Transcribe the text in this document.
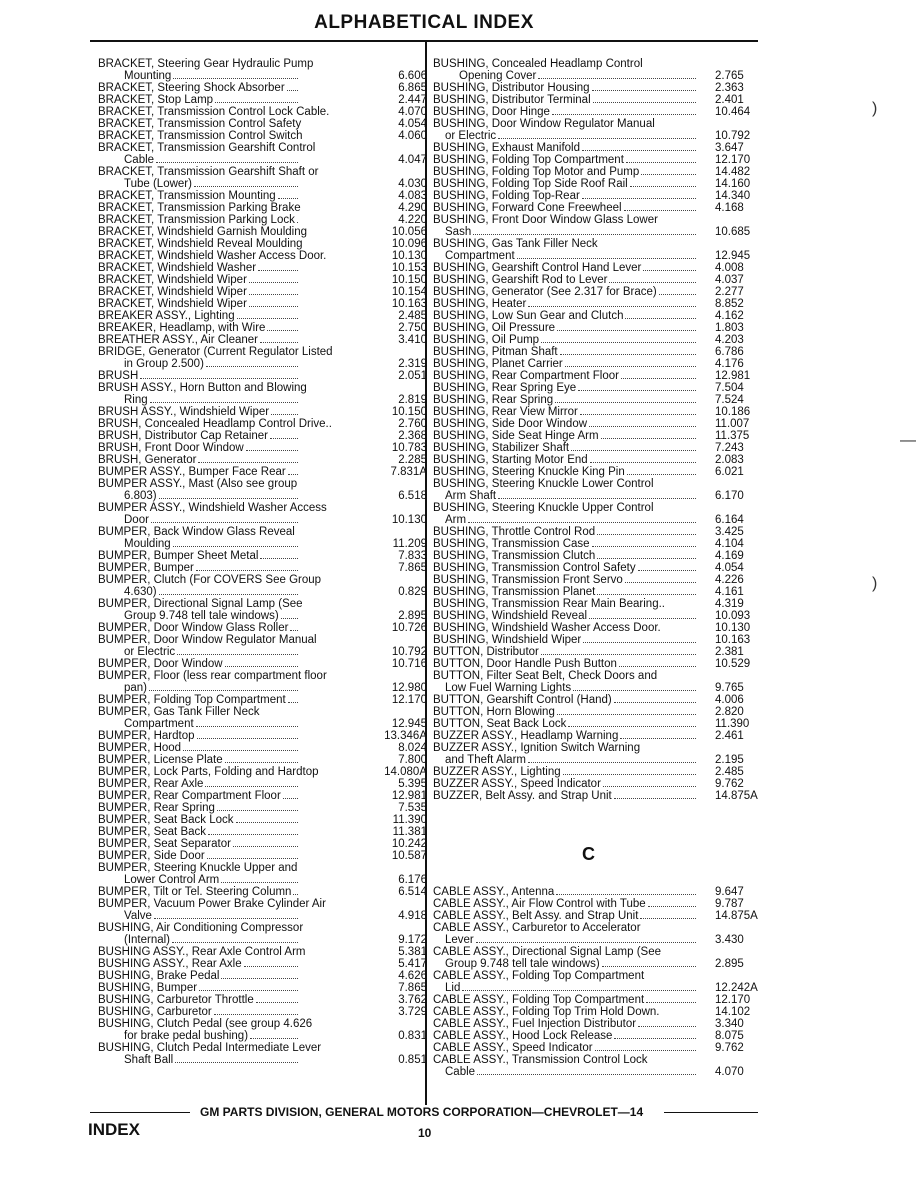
ALPHABETICAL INDEX
BRACKET, Steering Gear Hydraulic Pump
Mounting	6.606
BRACKET, Steering Shock Absorber	6.865
BRACKET, Stop Lamp	2.447
BRACKET, Transmission Control Lock Cable.	4.070
BRACKET, Transmission Control Safety	4.054
BRACKET, Transmission Control Switch	4.060
BRACKET, Transmission Gearshift Control
Cable	4.047
BRACKET, Transmission Gearshift Shaft or
Tube (Lower)	4.030
BRACKET, Transmission Mounting	4.083
BRACKET, Transmission Parking Brake	4.290
BRACKET, Transmission Parking Lock	4.220
BRACKET, Windshield Garnish Moulding	10.056
BRACKET, Windshield Reveal Moulding	10.096
BRACKET, Windshield Washer Access Door.	10.130
BRACKET, Windshield Washer	10.153
BRACKET, Windshield Wiper	10.150
BRACKET, Windshield Wiper	10.154
BRACKET, Windshield Wiper	10.163
BREAKER ASSY., Lighting	2.485
BREAKER, Headlamp, with Wire	2.750
BREATHER ASSY., Air Cleaner	3.410
BRIDGE, Generator (Current Regulator Listed
in Group 2.500)	2.319
BRUSH	2.051
BRUSH ASSY., Horn Button and Blowing
Ring	2.819
BRUSH ASSY., Windshield Wiper	10.150
BRUSH, Concealed Headlamp Control Drive..	2.760
BRUSH, Distributor Cap Retainer	2.368
BRUSH, Front Door Window	10.783
BRUSH, Generator	2.285
BUMPER ASSY., Bumper Face Rear	7.831A
BUMPER ASSY., Mast (Also see group
6.803)	6.518
BUMPER ASSY., Windshield Washer Access
Door	10.130
BUMPER, Back Window Glass Reveal
Moulding	11.209
BUMPER, Bumper Sheet Metal	7.833
BUMPER, Bumper	7.865
BUMPER, Clutch (For COVERS See Group
4.630)	0.829
BUMPER, Directional Signal Lamp (See
Group 9.748 tell tale windows)	2.895
BUMPER, Door Window Glass Roller	10.726
BUMPER, Door Window Regulator Manual
or Electric	10.792
BUMPER, Door Window	10.716
BUMPER, Floor (less rear compartment floor
pan)	12.980
BUMPER, Folding Top Compartment	12.170
BUMPER, Gas Tank Filler Neck
Compartment	12.945
BUMPER, Hardtop	13.346A
BUMPER, Hood	8.024
BUMPER, License Plate	7.800
BUMPER, Lock Parts, Folding and Hardtop	14.080A
BUMPER, Rear Axle	5.395
BUMPER, Rear Compartment Floor	12.981
BUMPER, Rear Spring	7.535
BUMPER, Seat Back Lock	11.390
BUMPER, Seat Back	11.381
BUMPER, Seat Separator	10.242
BUMPER, Side Door	10.587
BUMPER, Steering Knuckle Upper and
Lower Control Arm	6.176
BUMPER, Tilt or Tel. Steering Column	6.514
BUMPER, Vacuum Power Brake Cylinder Air
Valve	4.918
BUSHING, Air Conditioning Compressor
(Internal)	9.172
BUSHING ASSY., Rear Axle Control Arm	5.381
BUSHING ASSY., Rear Axle	5.417
BUSHING, Brake Pedal	4.626
BUSHING, Bumper	7.865
BUSHING, Carburetor Throttle	3.762
BUSHING, Carburetor	3.729
BUSHING, Clutch Pedal (see group 4.626
for brake pedal bushing)	0.831
BUSHING, Clutch Pedal Intermediate Lever
Shaft Ball	0.851
BUSHING, Concealed Headlamp Control
Opening Cover	2.765
BUSHING, Distributor Housing	2.363
BUSHING, Distributor Terminal	2.401
BUSHING, Door Hinge	10.464
BUSHING, Door Window Regulator Manual
or Electric	10.792
BUSHING, Exhaust Manifold	3.647
BUSHING, Folding Top Compartment	12.170
BUSHING, Folding Top Motor and Pump	14.482
BUSHING, Folding Top Side Roof Rail	14.160
BUSHING, Folding Top-Rear	14.340
BUSHING, Forward Cone Freewheel	4.168
BUSHING, Front Door Window Glass Lower
Sash	10.685
BUSHING, Gas Tank Filler Neck
Compartment	12.945
BUSHING, Gearshift Control Hand Lever	4.008
BUSHING, Gearshift Rod to Lever	4.037
BUSHING, Generator (See 2.317 for Brace)	2.277
BUSHING, Heater	8.852
BUSHING, Low Sun Gear and Clutch	4.162
BUSHING, Oil Pressure	1.803
BUSHING, Oil Pump	4.203
BUSHING, Pitman Shaft	6.786
BUSHING, Planet Carrier	4.176
BUSHING, Rear Compartment Floor	12.981
BUSHING, Rear Spring Eye	7.504
BUSHING, Rear Spring	7.524
BUSHING, Rear View Mirror	10.186
BUSHING, Side Door Window	11.007
BUSHING, Side Seat Hinge Arm	11.375
BUSHING, Stabilizer Shaft	7.243
BUSHING, Starting Motor End	2.083
BUSHING, Steering Knuckle King Pin	6.021
BUSHING, Steering Knuckle Lower Control
Arm Shaft	6.170
BUSHING, Steering Knuckle Upper Control
Arm	6.164
BUSHING, Throttle Control Rod	3.425
BUSHING, Transmission Case	4.104
BUSHING, Transmission Clutch	4.169
BUSHING, Transmission Control Safety	4.054
BUSHING, Transmission Front Servo	4.226
BUSHING, Transmission Planet	4.161
BUSHING, Transmission Rear Main Bearing..	4.319
BUSHING, Windshield Reveal	10.093
BUSHING, Windshield Washer Access Door.	10.130
BUSHING, Windshield Wiper	10.163
BUTTON, Distributor	2.381
BUTTON, Door Handle Push Button	10.529
BUTTON, Filter Seat Belt, Check Doors and
Low Fuel Warning Lights	9.765
BUTTON, Gearshift Control (Hand)	4.006
BUTTON, Horn Blowing	2.820
BUTTON, Seat Back Lock	11.390
BUZZER ASSY., Headlamp Warning	2.461
BUZZER ASSY., Ignition Switch Warning
and Theft Alarm	2.195
BUZZER ASSY., Lighting	2.485
BUZZER ASSY., Speed Indicator	9.762
BUZZER, Belt Assy. and Strap Unit	14.875A
C
CABLE ASSY., Antenna	9.647
CABLE ASSY., Air Flow Control with Tube	9.787
CABLE ASSY., Belt Assy. and Strap Unit	14.875A
CABLE ASSY., Carburetor to Accelerator
Lever	3.430
CABLE ASSY., Directional Signal Lamp (See
Group 9.748 tell tale windows)	2.895
CABLE ASSY., Folding Top Compartment
Lid	12.242A
CABLE ASSY., Folding Top Compartment	12.170
CABLE ASSY., Folding Top Trim Hold Down.	14.102
CABLE ASSY., Fuel Injection Distributor	3.340
CABLE ASSY., Hood Lock Release	8.075
CABLE ASSY., Speed Indicator	9.762
CABLE ASSY., Transmission Control Lock
Cable	4.070
GM PARTS DIVISION, GENERAL MOTORS CORPORATION—CHEVROLET—14
INDEX	10
)
)
—
